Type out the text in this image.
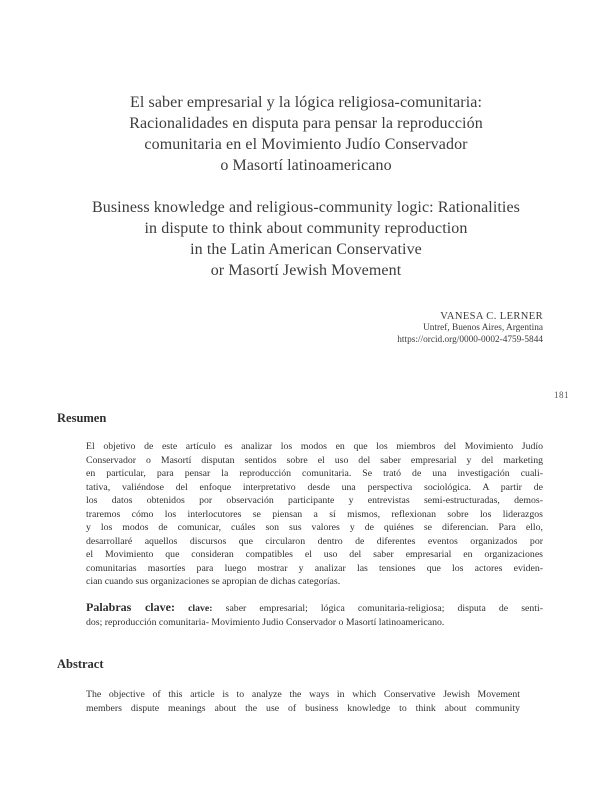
El saber empresarial y la lógica religiosa-comunitaria:
Racionalidades en disputa para pensar la reproducción
comunitaria en el Movimiento Judío Conservador
o Masortí latinoamericano
Business knowledge and religious-community logic: Rationalities
in dispute to think about community reproduction
in the Latin American Conservative
or Masortí Jewish Movement
VANESA C. LERNER
Untref, Buenos Aires, Argentina
https://orcid.org/0000-0002-4759-5844
181
Resumen
El objetivo de este artículo es analizar los modos en que los miembros del Movimiento Judío
Conservador o Masortí disputan sentidos sobre el uso del saber empresarial y del marketing
en particular, para pensar la reproducción comunitaria. Se trató de una investigación cuali-
tativa, valiéndose del enfoque interpretativo desde una perspectiva sociológica. A partir de
los datos obtenidos por observación participante y entrevistas semi-estructuradas, demos-
traremos cómo los interlocutores se piensan a sí mismos, reflexionan sobre los liderazgos
y los modos de comunicar, cuáles son sus valores y de quiénes se diferencian. Para ello,
desarrollaré aquellos discursos que circularon dentro de diferentes eventos organizados por
el Movimiento que consideran compatibles el uso del saber empresarial en organizaciones
comunitarias masortíes para luego mostrar y analizar las tensiones que los actores eviden-
cian cuando sus organizaciones se apropian de dichas categorías.
Palabras clave: clave: saber empresarial; lógica comunitaria-religiosa; disputa de senti-
dos; reproducción comunitaria- Movimiento Judio Conservador o Masortí latinoamericano.
Abstract
The objective of this article is to analyze the ways in which Conservative Jewish Movement
members dispute meanings about the use of business knowledge to think about community
